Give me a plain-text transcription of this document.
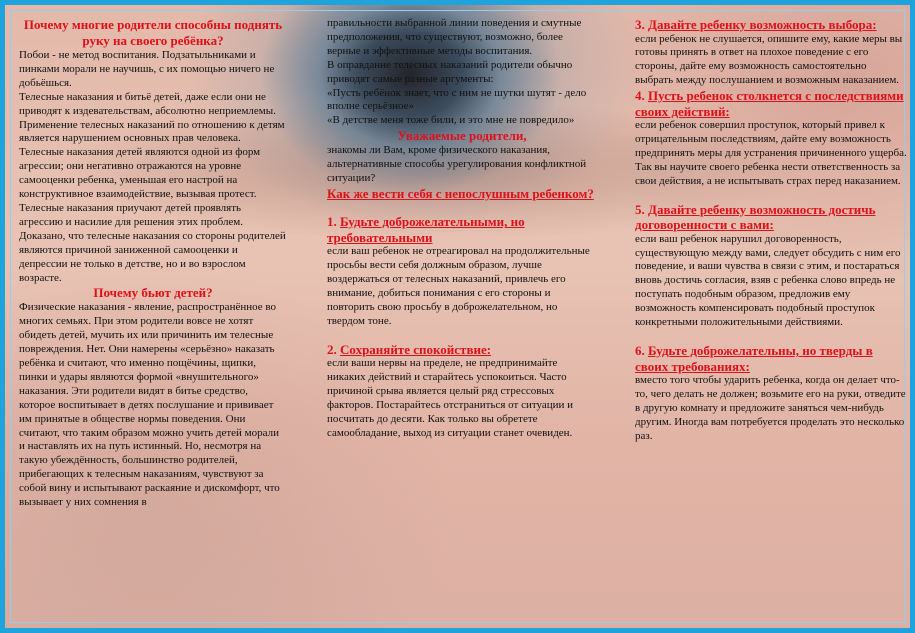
Почему многие родители способны поднять руку на своего ребёнка?

Побои - не метод воспитания. Подзатыльниками и пинками морали не научишь, с их помощью ничего не добьёшься.

Телесные наказания и битьё детей, даже если они не приводят к издевательствам, абсолютно неприемлемы. Применение телесных наказаний по отношению к детям является нарушением основных прав человека.

Телесные наказания детей являются одной из форм агрессии; они негативно отражаются на уровне самооценки ребенка, уменьшая его настрой на конструктивное взаимодействие, вызывая протест.

Телесные наказания приучают детей проявлять агрессию и насилие для решения этих проблем. Доказано, что телесные наказания со стороны родителей являются причиной заниженной самооценки и депрессии не только в детстве, но и во взрослом возрасте.

Почему бьют детей?

Физические наказания - явление, распространённое во многих семьях. При этом родители вовсе не хотят обидеть детей, мучить их или причинить им телесные повреждения. Нет. Они намерены «серьёзно» наказать ребёнка и считают, что именно пощёчины, щипки, пинки и удары являются формой «внушительного» наказания. Эти родители видят в битье средство, которое воспитывает в детях послушание и прививает им принятые в обществе нормы поведения. Они считают, что таким образом можно учить детей морали и наставлять их на путь истинный. Но, несмотря на такую убеждённость, большинство родителей, прибегающих к телесным наказаниям, чувствуют за собой вину и испытывают раскаяние и дискомфорт, что вызывает у них сомнения в

правильности выбранной линии поведения и смутные предположения, что существуют, возможно, более верные и эффективные методы воспитания.

В оправдание телесных наказаний родители обычно приводят самые разные аргументы:

«Пусть ребёнок знает, что с ним не шутки шутят - дело вполне серьёзное»

«В детстве меня тоже били, и это мне не повредило»

Уважаемые родители,

знакомы ли Вам, кроме физического наказания, альтернативные способы урегулирования конфликтной ситуации?

Как же вести себя с непослушным ребенком?

1. Будьте доброжелательными, но требовательными

если ваш ребенок не отреагировал на продолжительные просьбы вести себя должным образом, лучше воздержаться от телесных наказаний, привлечь его внимание, добиться понимания с его стороны и повторить свою просьбу в доброжелательном, но твердом тоне.

2. Сохраняйте спокойствие:

если ваши нервы на пределе, не предпринимайте никаких действий и старайтесь успокоиться. Часто причиной срыва является целый ряд стрессовых факторов. Постарайтесь отстраниться от ситуации и посчитать до десяти. Как только вы обретете самообладание, выход из ситуации станет очевиден.

3. Давайте ребенку возможность выбора:

если ребенок не слушается, опишите ему, какие меры вы готовы принять в ответ на плохое поведение с его стороны, дайте ему возможность самостоятельно выбрать между послушанием и возможным наказанием.

4. Пусть ребенок столкнется с последствиями своих действий:

если ребенок совершил проступок, который привел к отрицательным последствиям, дайте ему возможность предпринять меры для устранения причиненного ущерба. Так вы научите своего ребенка нести ответственность за свои действия, а не испытывать страх перед наказанием.

5. Давайте ребенку возможность достичь договоренности с вами:

если ваш ребенок нарушил договоренность, существующую между вами, следует обсудить с ним его поведение, и ваши чувства в связи с этим, и постараться вновь достичь согласия, взяв с ребенка слово впредь не поступать подобным образом, предложив ему возможность компенсировать подобный проступок конкретными положительными действиями.

6. Будьте доброжелательны, но тверды в своих требованиях:

вместо того чтобы ударить ребенка, когда он делает что-то, чего делать не должен; возьмите его на руки, отведите в другую комнату и предложите заняться чем-нибудь другим. Иногда вам потребуется проделать это несколько раз.
